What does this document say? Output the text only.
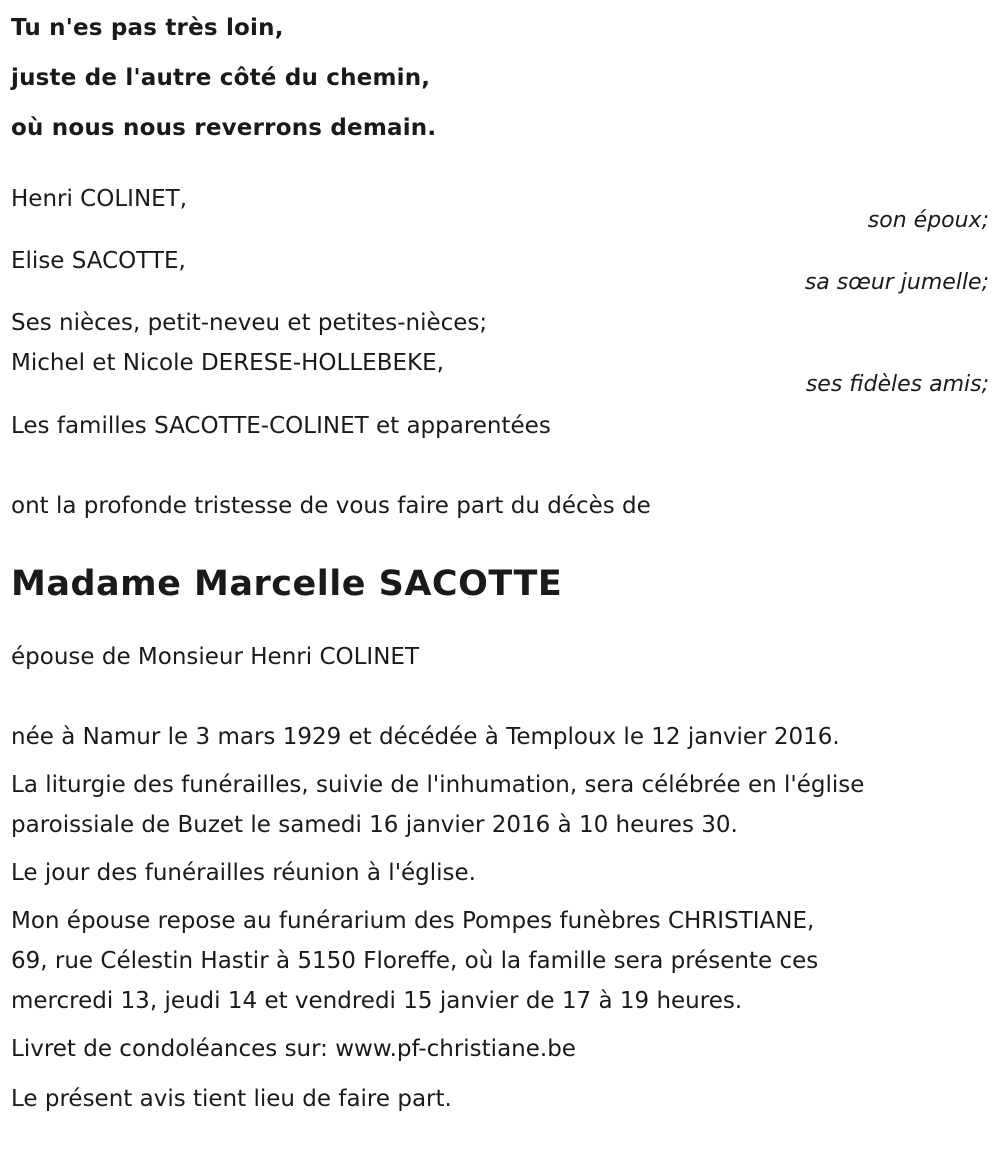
Tu n'es pas très loin,
juste de l'autre côté du chemin,
où nous nous reverrons demain.
Henri COLINET,
son époux;
Elise SACOTTE,
sa sœur jumelle;
Ses nièces, petit-neveu et petites-nièces;
Michel et Nicole DERESE-HOLLEBEKE,
ses fidèles amis;
Les familles SACOTTE-COLINET et apparentées
ont la profonde tristesse de vous faire part du décès de
Madame Marcelle SACOTTE
épouse de Monsieur Henri COLINET
née à Namur le 3 mars 1929 et décédée à Temploux le 12 janvier 2016.
La liturgie des funérailles, suivie de l'inhumation, sera célébrée en l'église
paroissiale de Buzet le samedi 16 janvier 2016 à 10 heures 30.
Le jour des funérailles réunion à l'église.
Mon épouse repose au funérarium des Pompes funèbres CHRISTIANE,
69, rue Célestin Hastir à 5150 Floreffe, où la famille sera présente ces
mercredi 13, jeudi 14 et vendredi 15 janvier de 17 à 19 heures.
Livret de condoléances sur: www.pf-christiane.be
Le présent avis tient lieu de faire part.
